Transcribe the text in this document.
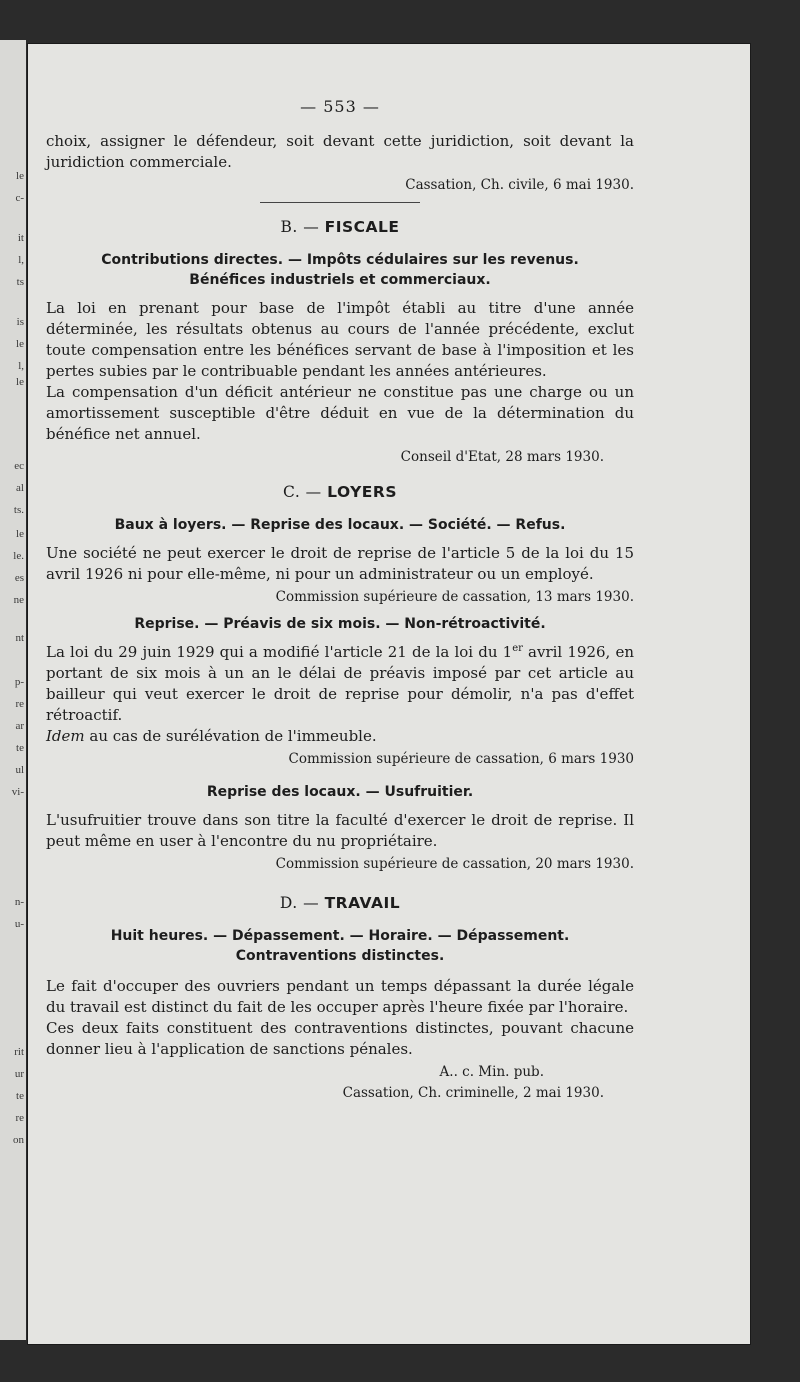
le
c-
it
l,
ts
is
le
l,
le
ec
al
ts.
le
le.
es
ne
nt
p-
re
ar
te
ul
vi-
n-
u-
rit
ur
te
re
on
— 553 —

choix, assigner le défendeur, soit devant cette juridiction, soit devant la juridiction commerciale.

Cassation, Ch. civile, 6 mai 1930.
B. — FISCALE
Contributions directes. — Impôts cédulaires sur les revenus.
Bénéfices industriels et commerciaux.

La loi en prenant pour base de l'impôt établi au titre d'une année déterminée, les résultats obtenus au cours de l'année précédente, exclut toute compensation entre les bénéfices servant de base à l'imposition et les pertes subies par le contribuable pendant les années antérieures.

La compensation d'un déficit antérieur ne constitue pas une charge ou un amortissement susceptible d'être déduit en vue de la détermination du bénéfice net annuel.

Conseil d'Etat, 28 mars 1930.
C. — LOYERS
Baux à loyers. — Reprise des locaux. — Société. — Refus.

Une société ne peut exercer le droit de reprise de l'article 5 de la loi du 15 avril 1926 ni pour elle-même, ni pour un administrateur ou un employé.

Commission supérieure de cassation, 13 mars 1930.
Reprise. — Préavis de six mois. — Non-rétroactivité.

La loi du 29 juin 1929 qui a modifié l'article 21 de la loi du 1er avril 1926, en portant de six mois à un an le délai de préavis imposé par cet article au bailleur qui veut exercer le droit de reprise pour démolir, n'a pas d'effet rétroactif.

Idem au cas de surélévation de l'immeuble.

Commission supérieure de cassation, 6 mars 1930
Reprise des locaux. — Usufruitier.

L'usufruitier trouve dans son titre la faculté d'exercer le droit de reprise. Il peut même en user à l'encontre du nu propriétaire.

Commission supérieure de cassation, 20 mars 1930.
D. — TRAVAIL
Huit heures. — Dépassement. — Horaire. — Dépassement.
Contraventions distinctes.

Le fait d'occuper des ouvriers pendant un temps dépassant la durée légale du travail est distinct du fait de les occuper après l'heure fixée par l'horaire.

Ces deux faits constituent des contraventions distinctes, pouvant chacune donner lieu à l'application de sanctions pénales.

A.. c. Min. pub.
Cassation, Ch. criminelle, 2 mai 1930.
